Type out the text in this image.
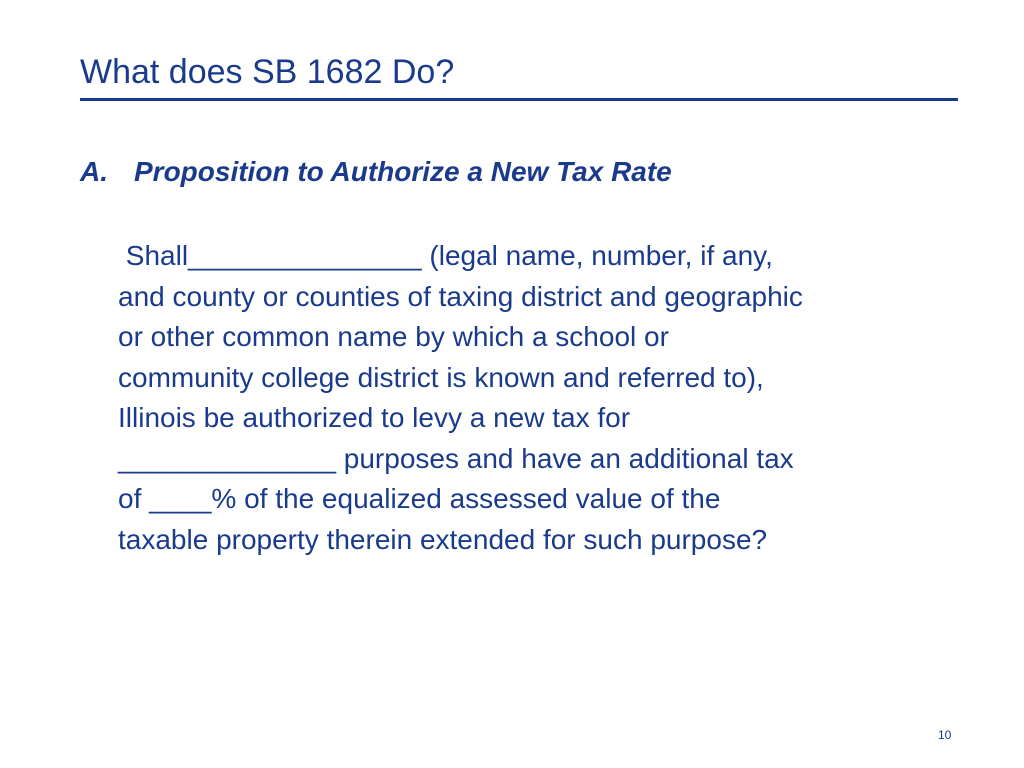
What does SB 1682 Do?
A. Proposition to Authorize a New Tax Rate
Shall_______________ (legal name, number, if any,
and county or counties of taxing district and geographic
or other common name by which a school or
community college district is known and referred to),
Illinois be authorized to levy a new tax for
______________ purposes and have an additional tax
of ____% of the equalized assessed value of the
taxable property therein extended for such purpose?
10
